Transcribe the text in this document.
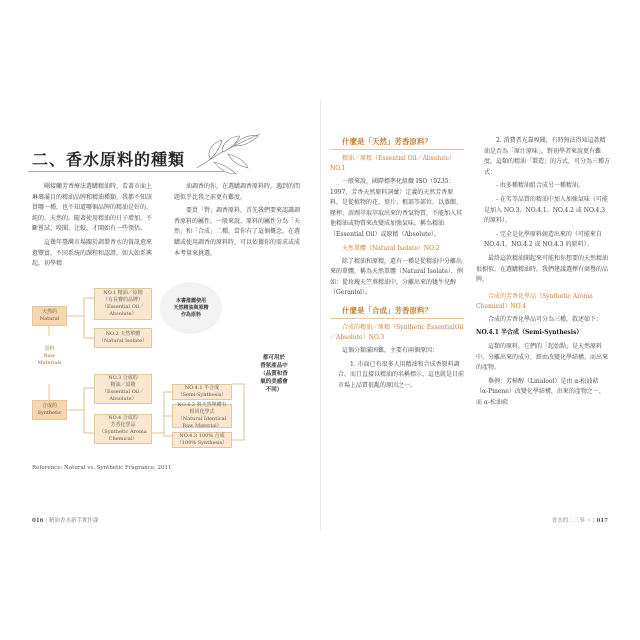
二、香水原料的種類

剛接觸芳香療法選購精油時，看著市面上琳瑯滿目的精油品牌和精油種類，我都不知該買哪一種，也不知道哪個品牌的精油是好的、純的、天然的。隨著使用精油的日子增加，不斷嘗試、嗅聞、比較，才開始有一些領悟。

這幾年臺灣市場關於調製香水的資訊愈來愈豐富，不同系統的課程和認證，如大如系興起，初學精

油調香的你，在選購調香原料時，遇到的問題似乎比我之前更有難度。

要買「對」調香原料，首先我們要來認識調香原料的屬性。一般來說，原料的屬性分為「天然」和「合成」二種，當你有了這個概念，在選購或使用調香的原料時，可以依據你的需求或成本考量來挑選。

天然的
Natural
原料
Raw
Materials
合成的
Synthetic
NO.1 精油／原精
（有長響的品牌）
（Essential Oil／
Absolute）
NO.2 天然單體
（Natural Isolate）
NO.3 合成的
精油／原精
（Essential Oil／
Absolute）
NO.4 合成的
芳香化學品
（Synthetic Aroma
Chemical）
本書推薦使用
天然精油與原精
作為原料
NO.4.1 半合成
（Semi-Synthesis）
NO.4.2 與天然單體有
相同化學式
（Natural Identical
Raw Material）
NO.4.3 100% 合成
（100% Synthesis）
都可用於
香氛產品中
（品質和香
氣的美感會
不同）
Reference: Natural vs. Synthetic Fragrance, 2011
016 | 精油香水新手實作課

什麼是「天然」芳香原料？

精油／原精（Essential Oil／Absolute）NO.1

一般來說，國際標準化組織 ISO（9235：1997，芳香天然原料詞彙）定義的天然芳香原料，是從植物的花、葉片、根部等部位，以蒸餾、壓榨、溶劑萃取萃取出來的香氣物質，不能加入其他精油或物質來改變成加強氣味，稱為精油（Essential Oil）或原精（Absolute）。

天然單體（Natural Isolate）NO.2

除了精油和原精，還有一種是從精油中分離出來的單體，稱為天然單體（Natural Isolate），例如：從玫瑰天竺葵精油中，分離出來的牻牛兒醇（Geraniol）。

什麼是「合成」芳香原料？

合成的精油／原精（Synthetic EssentialOil／Absolute）NO.3

這個分類滿困難，主要有兩個原因：

1. 市面已有很多人用精油和合成香原料調合，而且直接以精油的名稱標示，這也就是目前市場上品質很亂的原因之一。

2. 消費者光靠嗅聞，有時無法得知這款精油是否為「原汁原味」，對初學者來說更有難度，這類的精油「製造」的方式，可分為三種方式：

- 由多種精油組合成另一種精油。

- 在劣等品質的精油中加入加強氣味（可能是加入 NO.3、NO.4.1、NO.4.2 或 NO.4.3 的原料）。

- 完全是化學原料創造出來的（可能來自 NO.4.1、NO.4.2 或 NO.4.3 的原料）。

最終這款精油聞起來可能和你想要的天然精油很相似，在選購精油時，我們建議選擇有商譽的品牌。

合成的芳香化學品（Synthetic Aroma Chemical）NO.4

合成的芳香化學品可分為三種，敘述如下：

NO.4.1 半合成（Semi-Synthesis）

這類的原料，它們的「起始點」是天然原料中，分離出來的成分，經由改變化學結構，而出來的產物。

舉例：芳樟醇（Linalool）是由 α-松油萜（α-Pinene）改變化學結構，出來的產物之一，而 α-松油萜

香水的二三事 ✧ | 017
